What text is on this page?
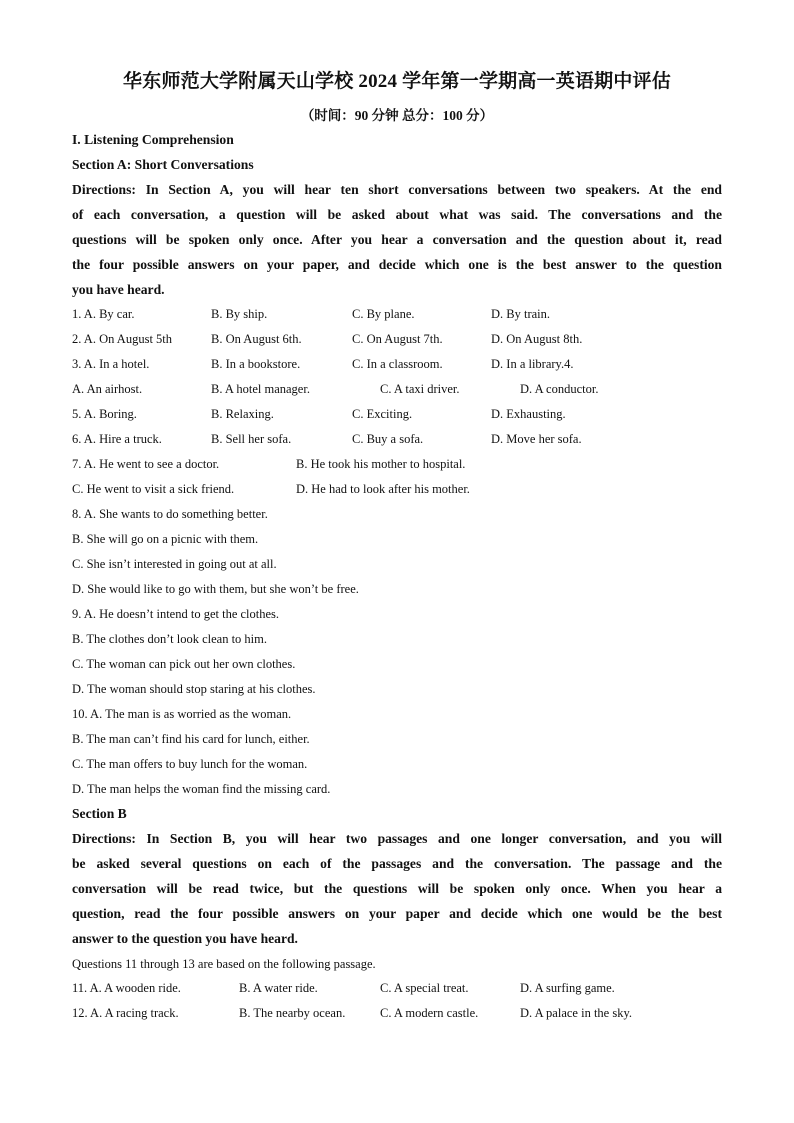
华东师范大学附属天山学校 2024 学年第一学期高一英语期中评估
（时间：90 分钟 总分：100 分）
I. Listening Comprehension
Section A: Short Conversations
Directions: In Section A, you will hear ten short conversations between two speakers. At the end
of each conversation, a question will be asked about what was said. The conversations and the
questions will be spoken only once. After you hear a conversation and the question about it, read
the four possible answers on your paper, and decide which one is the best answer to the question
you have heard.
1. A. By car.	B. By ship.	C. By plane.	D. By train.
2. A. On August 5th	B. On August 6th.	C. On August 7th.	D. On August 8th.
3. A. In a hotel.	B. In a bookstore.	C. In a classroom.	D. In a library.4.
A. An airhost.	B. A hotel manager.	C. A taxi driver.	D. A conductor.
5. A. Boring.	B. Relaxing.	C. Exciting.	D. Exhausting.
6. A. Hire a truck.	B. Sell her sofa.	C. Buy a sofa.	D. Move her sofa.
7. A. He went to see a doctor.	B. He took his mother to hospital.
C. He went to visit a sick friend.	D. He had to look after his mother.
8. A. She wants to do something better.
B. She will go on a picnic with them.
C. She isn’t interested in going out at all.
D. She would like to go with them, but she won’t be free.
9. A. He doesn’t intend to get the clothes.
B. The clothes don’t look clean to him.
C. The woman can pick out her own clothes.
D. The woman should stop staring at his clothes.
10. A. The man is as worried as the woman.
B. The man can’t find his card for lunch, either.
C. The man offers to buy lunch for the woman.
D. The man helps the woman find the missing card.
Section B
Directions: In Section B, you will hear two passages and one longer conversation, and you will
be asked several questions on each of the passages and the conversation. The passage and the
conversation will be read twice, but the questions will be spoken only once. When you hear a
question, read the four possible answers on your paper and decide which one would be the best
answer to the question you have heard.
Questions 11 through 13 are based on the following passage.
11. A. A wooden ride.	B. A water ride.	C. A special treat.	D. A surfing game.
12. A. A racing track.	B. The nearby ocean.	C. A modern castle.	D. A palace in the sky.
